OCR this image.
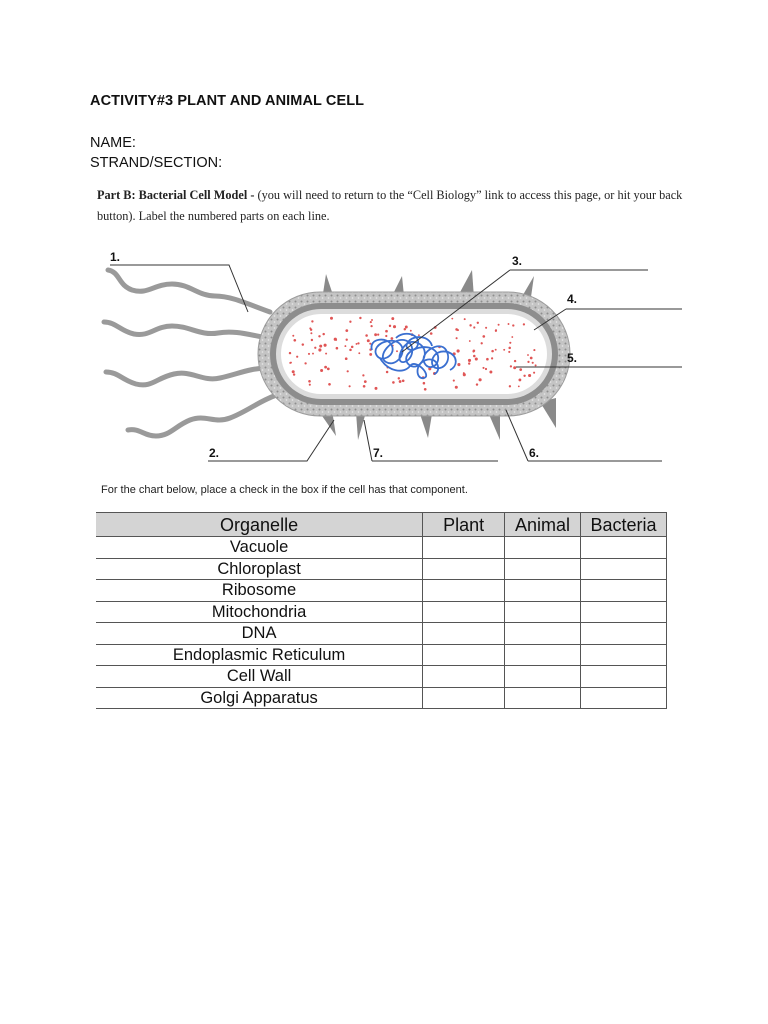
ACTIVITY#3 PLANT AND ANIMAL CELL
NAME:
STRAND/SECTION:
Part B: Bacterial Cell Model - (you will need to return to the “Cell Biology” link to access this page, or hit your back button). Label the numbered parts on each line.
1.
2.
3.
4.
5.
6.
7.
For the chart below, place a check in the box if the cell has that component.
Organelle	Plant	Animal	Bacteria
Vacuole			
Chloroplast			
Ribosome			
Mitochondria			
DNA			
Endoplasmic Reticulum			
Cell Wall			
Golgi Apparatus			
